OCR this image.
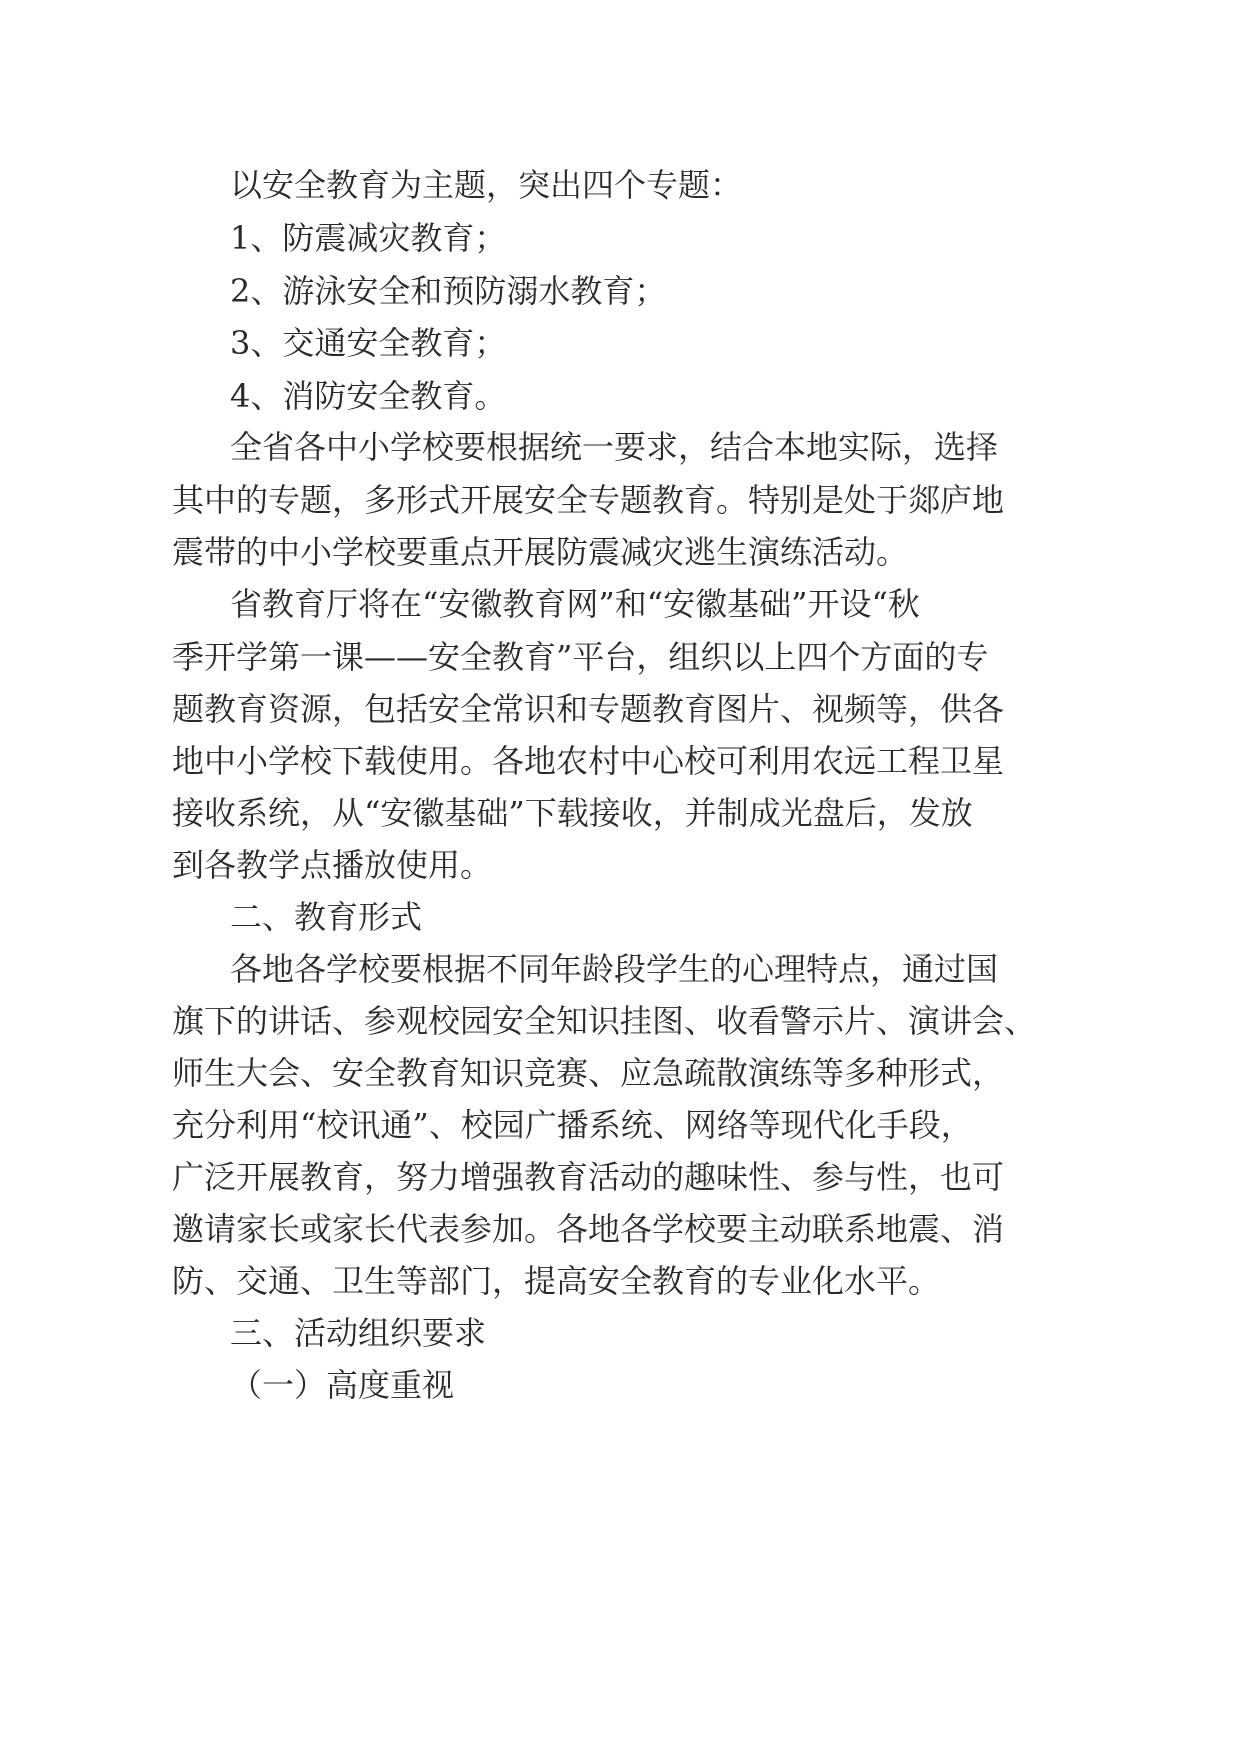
以安全教育为主题，突出四个专题：

1、防震减灾教育；

2、游泳安全和预防溺水教育；

3、交通安全教育；

4、消防安全教育。

全省各中小学校要根据统一要求，结合本地实际，选择

其中的专题，多形式开展安全专题教育。特别是处于郯庐地

震带的中小学校要重点开展防震减灾逃生演练活动。

省教育厅将在“安徽教育网”和“安徽基础”开设“秋

季开学第一课——安全教育”平台，组织以上四个方面的专

题教育资源，包括安全常识和专题教育图片、视频等，供各

地中小学校下载使用。各地农村中心校可利用农远工程卫星

接收系统，从“安徽基础”下载接收，并制成光盘后，发放

到各教学点播放使用。

二、教育形式

各地各学校要根据不同年龄段学生的心理特点，通过国

旗下的讲话、参观校园安全知识挂图、收看警示片、演讲会、

师生大会、安全教育知识竞赛、应急疏散演练等多种形式，

充分利用“校讯通”、校园广播系统、网络等现代化手段，

广泛开展教育，努力增强教育活动的趣味性、参与性，也可

邀请家长或家长代表参加。各地各学校要主动联系地震、消

防、交通、卫生等部门，提高安全教育的专业化水平。

三、活动组织要求

（一）高度重视
